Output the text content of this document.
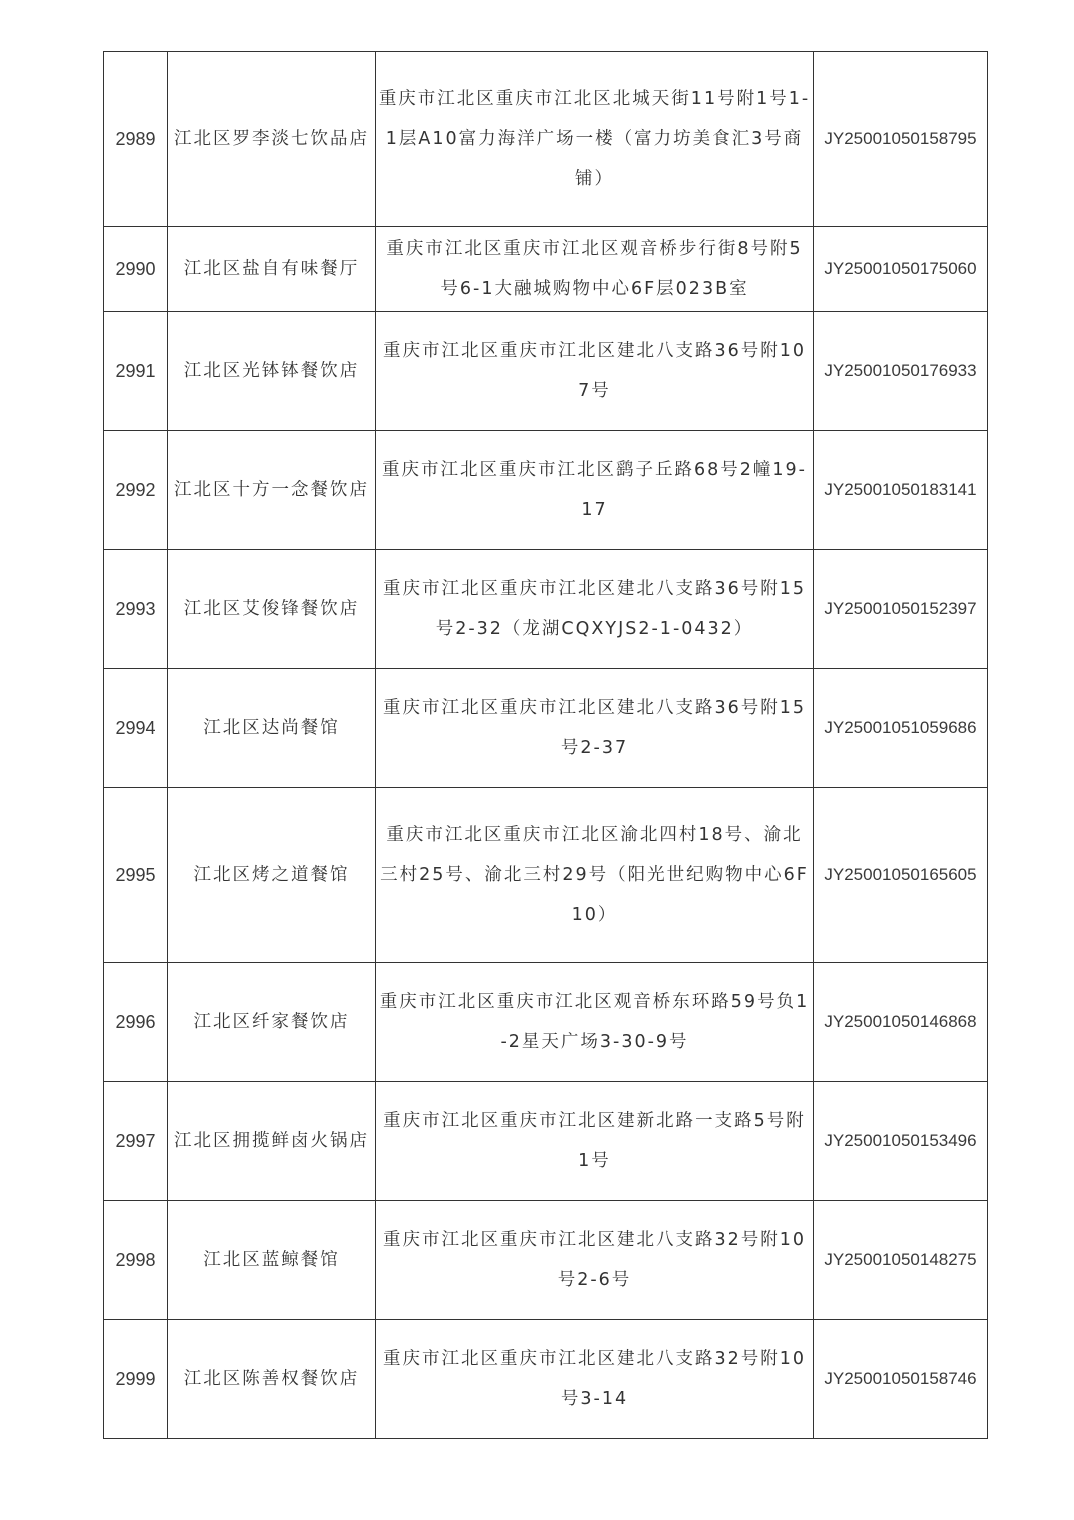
2989	江北区罗李淡七饮品店	重庆市江北区重庆市江北区北城天街11号附1号1-1层A10富力海洋广场一楼（富力坊美食汇3号商铺）	JY25001050158795
2990	江北区盐自有味餐厅	重庆市江北区重庆市江北区观音桥步行街8号附5号6-1大融城购物中心6F层023B室	JY25001050175060
2991	江北区光钵钵餐饮店	重庆市江北区重庆市江北区建北八支路36号附107号	JY25001050176933
2992	江北区十方一念餐饮店	重庆市江北区重庆市江北区鹞子丘路68号2幢19-17	JY25001050183141
2993	江北区艾俊锋餐饮店	重庆市江北区重庆市江北区建北八支路36号附15号2-32（龙湖CQXYJS2-1-0432）	JY25001050152397
2994	江北区达尚餐馆	重庆市江北区重庆市江北区建北八支路36号附15号2-37	JY25001051059686
2995	江北区烤之道餐馆	重庆市江北区重庆市江北区渝北四村18号、渝北三村25号、渝北三村29号（阳光世纪购物中心6F10）	JY25001050165605
2996	江北区纤家餐饮店	重庆市江北区重庆市江北区观音桥东环路59号负1-2星天广场3-30-9号	JY25001050146868
2997	江北区拥揽鲜卤火锅店	重庆市江北区重庆市江北区建新北路一支路5号附1号	JY25001050153496
2998	江北区蓝鲸餐馆	重庆市江北区重庆市江北区建北八支路32号附10号2-6号	JY25001050148275
2999	江北区陈善权餐饮店	重庆市江北区重庆市江北区建北八支路32号附10号3-14	JY25001050158746
